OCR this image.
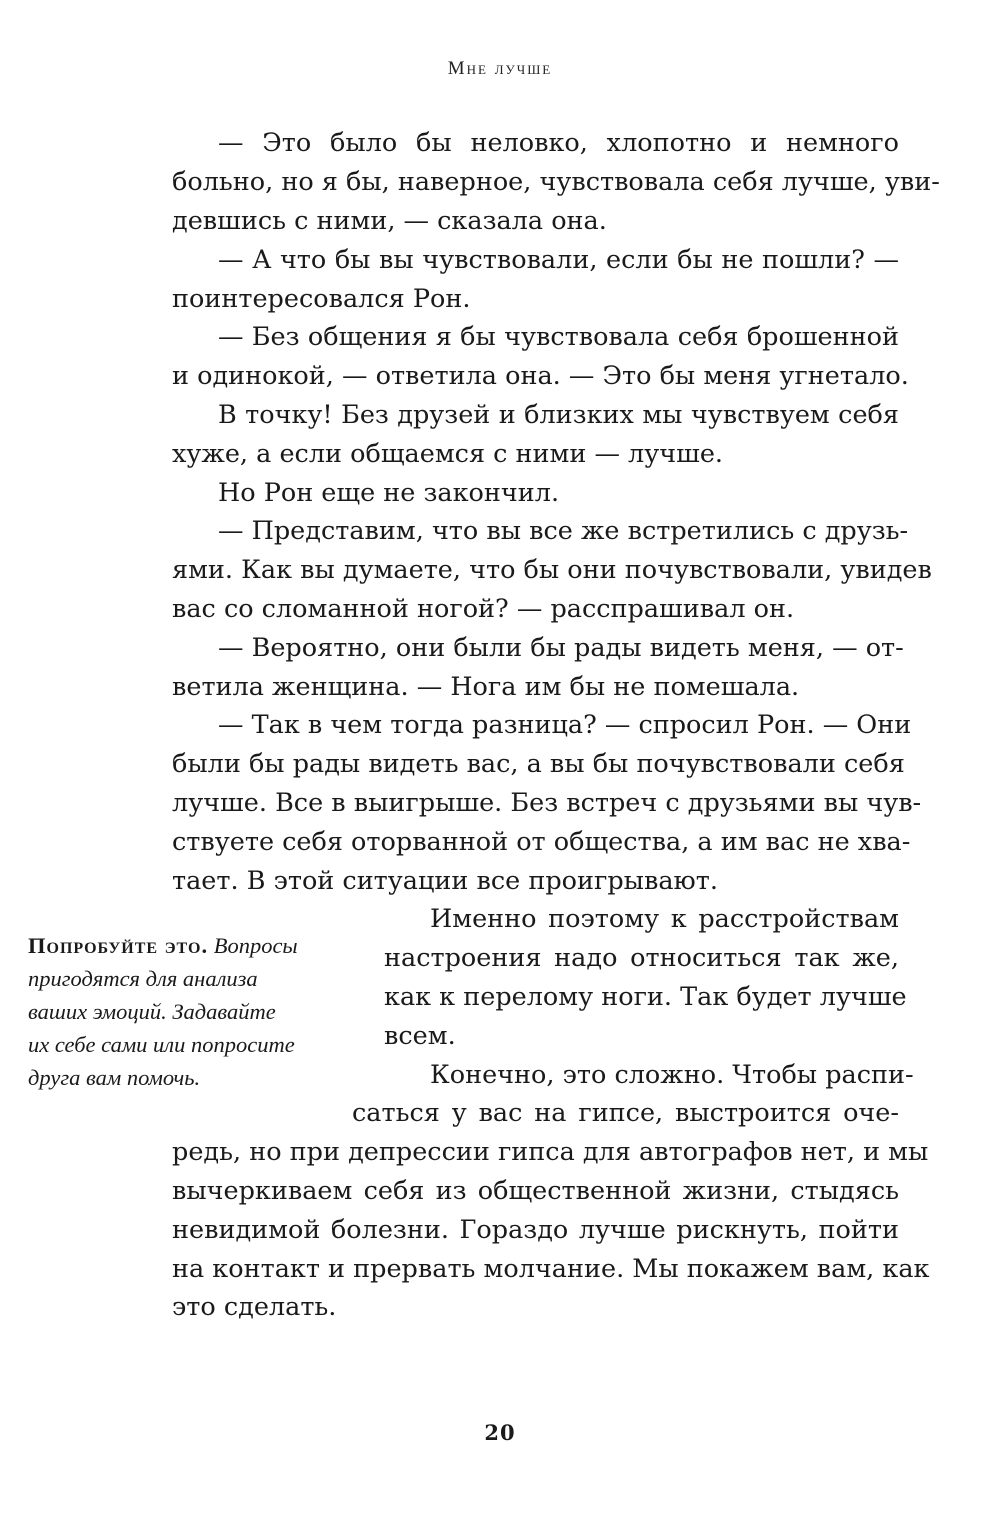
Мне лучше
— Это было бы неловко, хлопотно и немного
больно, но я бы, наверное, чувствовала себя лучше, уви-
девшись с ними, — сказала она.
— А что бы вы чувствовали, если бы не пошли? —
поинтересовался Рон.
— Без общения я бы чувствовала себя брошенной
и одинокой, — ответила она. — Это бы меня угнетало.
В точку! Без друзей и близких мы чувствуем себя
хуже, а если общаемся с ними — лучше.
Но Рон еще не закончил.
— Представим, что вы все же встретились с друзь-
ями. Как вы думаете, что бы они почувствовали, увидев
вас со сломанной ногой? — расспрашивал он.
— Вероятно, они были бы рады видеть меня, — от-
ветила женщина. — Нога им бы не помешала.
— Так в чем тогда разница? — спросил Рон. — Они
были бы рады видеть вас, а вы бы почувствовали себя
лучше. Все в выигрыше. Без встреч с друзьями вы чув-
ствуете себя оторванной от общества, а им вас не хва-
тает. В этой ситуации все проигрывают.
Именно поэтому к расстройствам
настроения надо относиться так же,
как к перелому ноги. Так будет лучше
всем.
Конечно, это сложно. Чтобы распи-
саться у вас на гипсе, выстроится оче-
редь, но при депрессии гипса для автографов нет, и мы
вычеркиваем себя из общественной жизни, стыдясь
невидимой болезни. Гораздо лучше рискнуть, пойти
на контакт и прервать молчание. Мы покажем вам, как
это сделать.
Попробуйте это. Вопросы
пригодятся для анализа
ваших эмоций. Задавайте
их себе сами или попросите
друга вам помочь.
20
